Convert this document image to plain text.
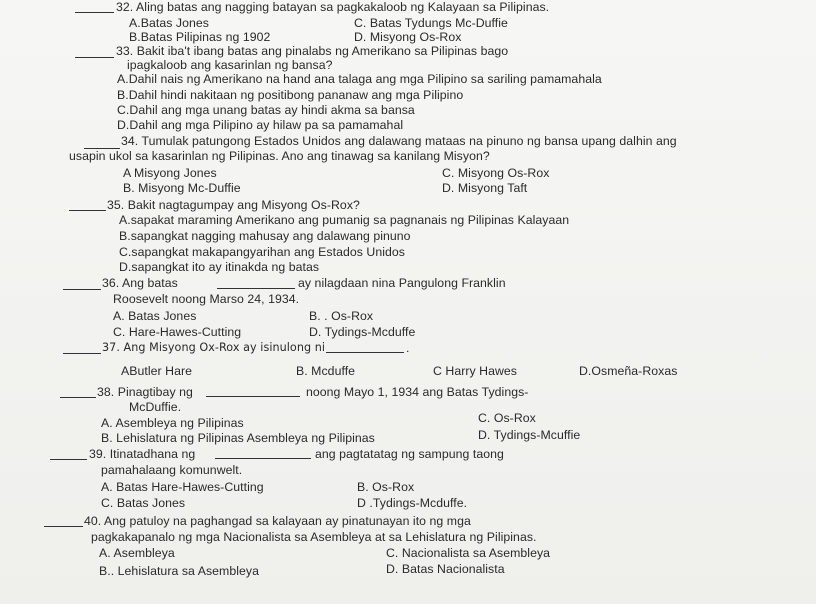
32. Aling batas ang nagging batayan sa pagkakaloob ng Kalayaan sa Pilipinas.
A.Batas Jones	C. Batas Tydungs Mc-Duffie
B.Batas Pilipinas ng 1902	D. Misyong Os-Rox
33. Bakit iba't ibang batas ang pinalabs ng Amerikano sa Pilipinas bago
ipagkaloob ang kasarinlan ng bansa?
A.Dahil nais ng Amerikano na hand ana talaga ang mga Pilipino sa sariling pamamahala
B.Dahil hindi nakitaan ng positibong pananaw ang mga Pilipino
C.Dahil ang mga unang batas ay hindi akma sa bansa
D.Dahil ang mga Pilipino ay hilaw pa sa pamamahal
34. Tumulak patungong Estados Unidos ang dalawang mataas na pinuno ng bansa upang dalhin ang
usapin ukol sa kasarinlan ng Pilipinas. Ano ang tinawag sa kanilang Misyon?
A Misyong Jones	C. Misyong Os-Rox
B. Misyong Mc-Duffie	D. Misyong Taft
35. Bakit nagtagumpay ang Misyong Os-Rox?
A.sapakat maraming Amerikano ang pumanig sa pagnanais ng Pilipinas Kalayaan
B.sapangkat nagging mahusay ang dalawang pinuno
C.sapangkat makapangyarihan ang Estados Unidos
D.sapangkat ito ay itinakda ng batas
36. Ang batas	ay nilagdaan nina Pangulong Franklin
Roosevelt noong Marso 24, 1934.
A. Batas Jones	B. . Os-Rox
C. Hare-Hawes-Cutting	D. Tydings-Mcduffe
37. Ang Misyong Ox-Rox ay isinulong ni	.
AButler Hare	B. Mcduffe	C Harry Hawes	D.Osmeña-Roxas
38. Pinagtibay ng	noong Mayo 1, 1934 ang Batas Tydings-
McDuffie.
A. Asembleya ng Pilipinas	C. Os-Rox
B. Lehislatura ng Pilipinas Asembleya ng Pilipinas	D. Tydings-Mcuffie
39. Itinatadhana ng	ang pagtatatag ng sampung taong
pamahalaang komunwelt.
A. Batas Hare-Hawes-Cutting	B. Os-Rox
C. Batas Jones	D .Tydings-Mcduffe.
40. Ang patuloy na paghangad sa kalayaan ay pinatunayan ito ng mga
pagkakapanalo ng mga Nacionalista sa Asembleya at sa Lehislatura ng Pilipinas.
A. Asembleya	C. Nacionalista sa Asembleya
B.. Lehislatura sa Asembleya	D. Batas Nacionalista
